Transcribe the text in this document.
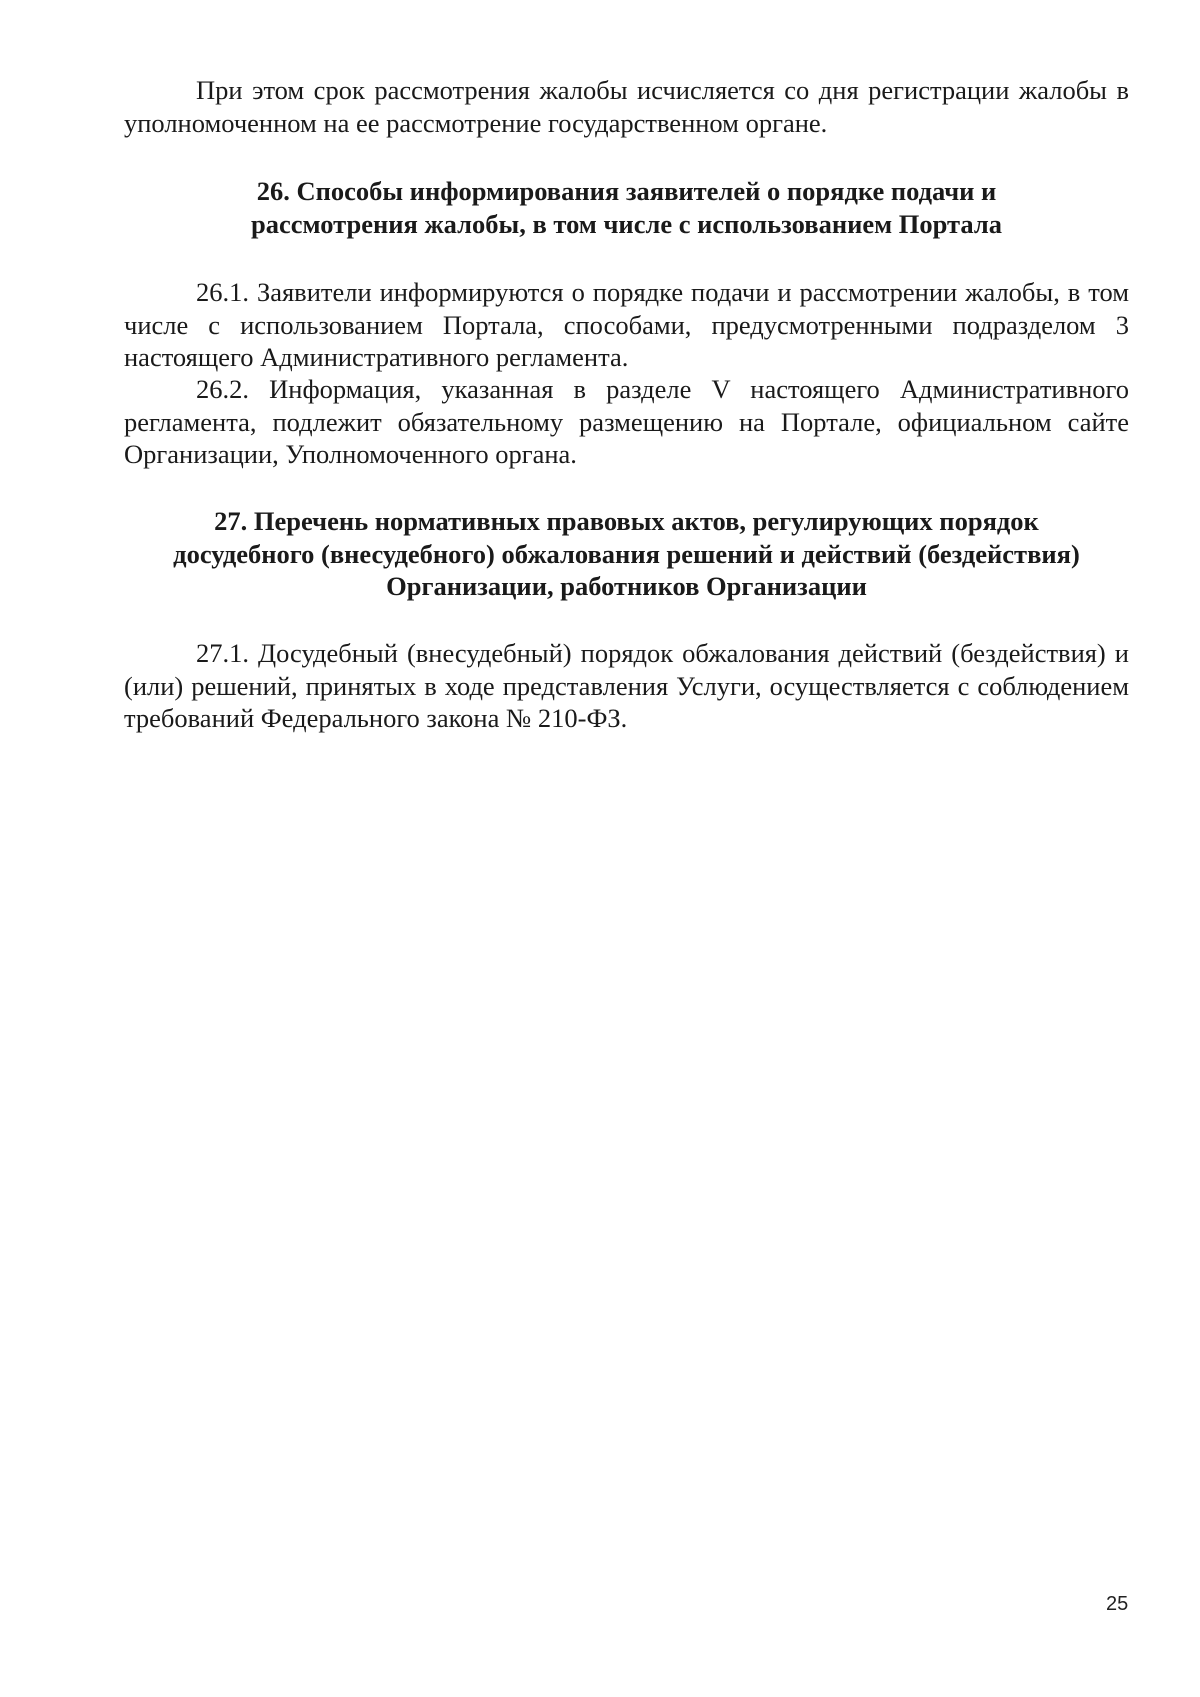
При этом срок рассмотрения жалобы исчисляется со дня регистрации жалобы в уполномоченном на ее рассмотрение государственном органе.

26. Способы информирования заявителей о порядке подачи и
рассмотрения жалобы, в том числе с использованием Портала

26.1. Заявители информируются о порядке подачи и рассмотрении жалобы, в том числе с использованием Портала, способами, предусмотренными подразделом 3 настоящего Административного регламента.

26.2. Информация, указанная в разделе V настоящего Административного регламента, подлежит обязательному размещению на Портале, официальном сайте Организации, Уполномоченного органа.

27. Перечень нормативных правовых актов, регулирующих порядок
досудебного (внесудебного) обжалования решений и действий (бездействия)
Организации, работников Организации

27.1. Досудебный (внесудебный) порядок обжалования действий (бездействия) и (или) решений, принятых в ходе представления Услуги, осуществляется с соблюдением требований Федерального закона № 210-ФЗ.

25
